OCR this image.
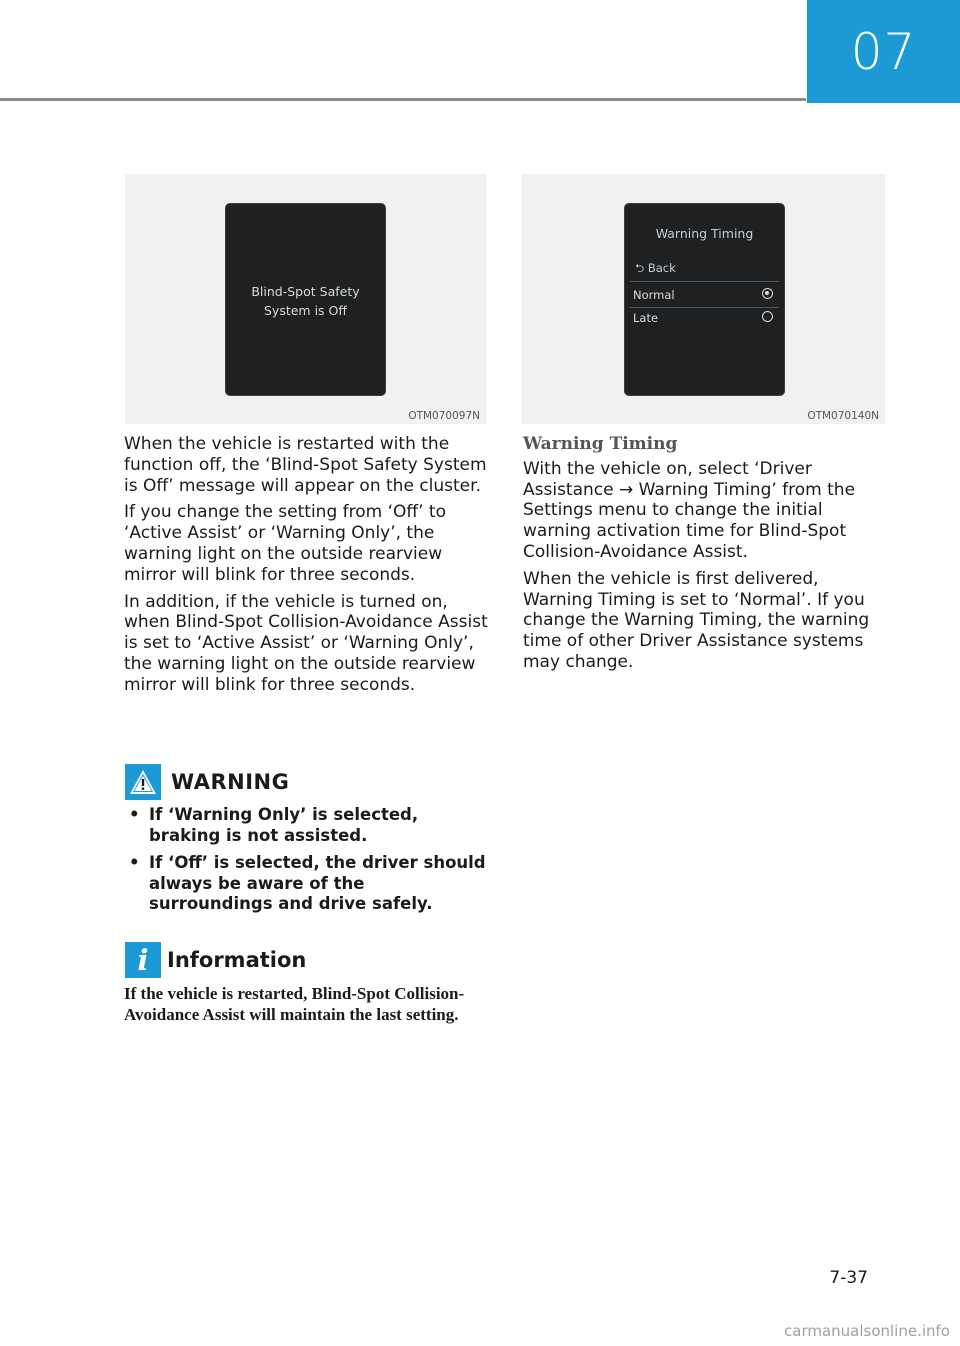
07
Blind-Spot Safety
System is Off
OTM070097N
Warning Timing
⮌ Back
Normal
Late
OTM070140N

When the vehicle is restarted with the function off, the ‘Blind-Spot Safety System is Off’ message will appear on the cluster.

If you change the setting from ‘Off’ to ‘Active Assist’ or ‘Warning Only’, the warning light on the outside rearview mirror will blink for three seconds.

In addition, if the vehicle is turned on, when Blind-Spot Collision-Avoidance Assist is set to ‘Active Assist’ or ‘Warning Only’, the warning light on the outside rearview mirror will blink for three seconds.

WARNING
• If ‘Warning Only’ is selected, braking is not assisted.
• If ‘Off’ is selected, the driver should always be aware of the surroundings and drive safely.
i Information
If the vehicle is restarted, Blind-Spot Collision-Avoidance Assist will maintain the last setting.
Warning Timing

With the vehicle on, select ‘Driver Assistance → Warning Timing’ from the Settings menu to change the initial warning activation time for Blind-Spot Collision-Avoidance Assist.

When the vehicle is first delivered, Warning Timing is set to ‘Normal’. If you change the Warning Timing, the warning time of other Driver Assistance systems may change.

7-37
carmanualsonline.info
